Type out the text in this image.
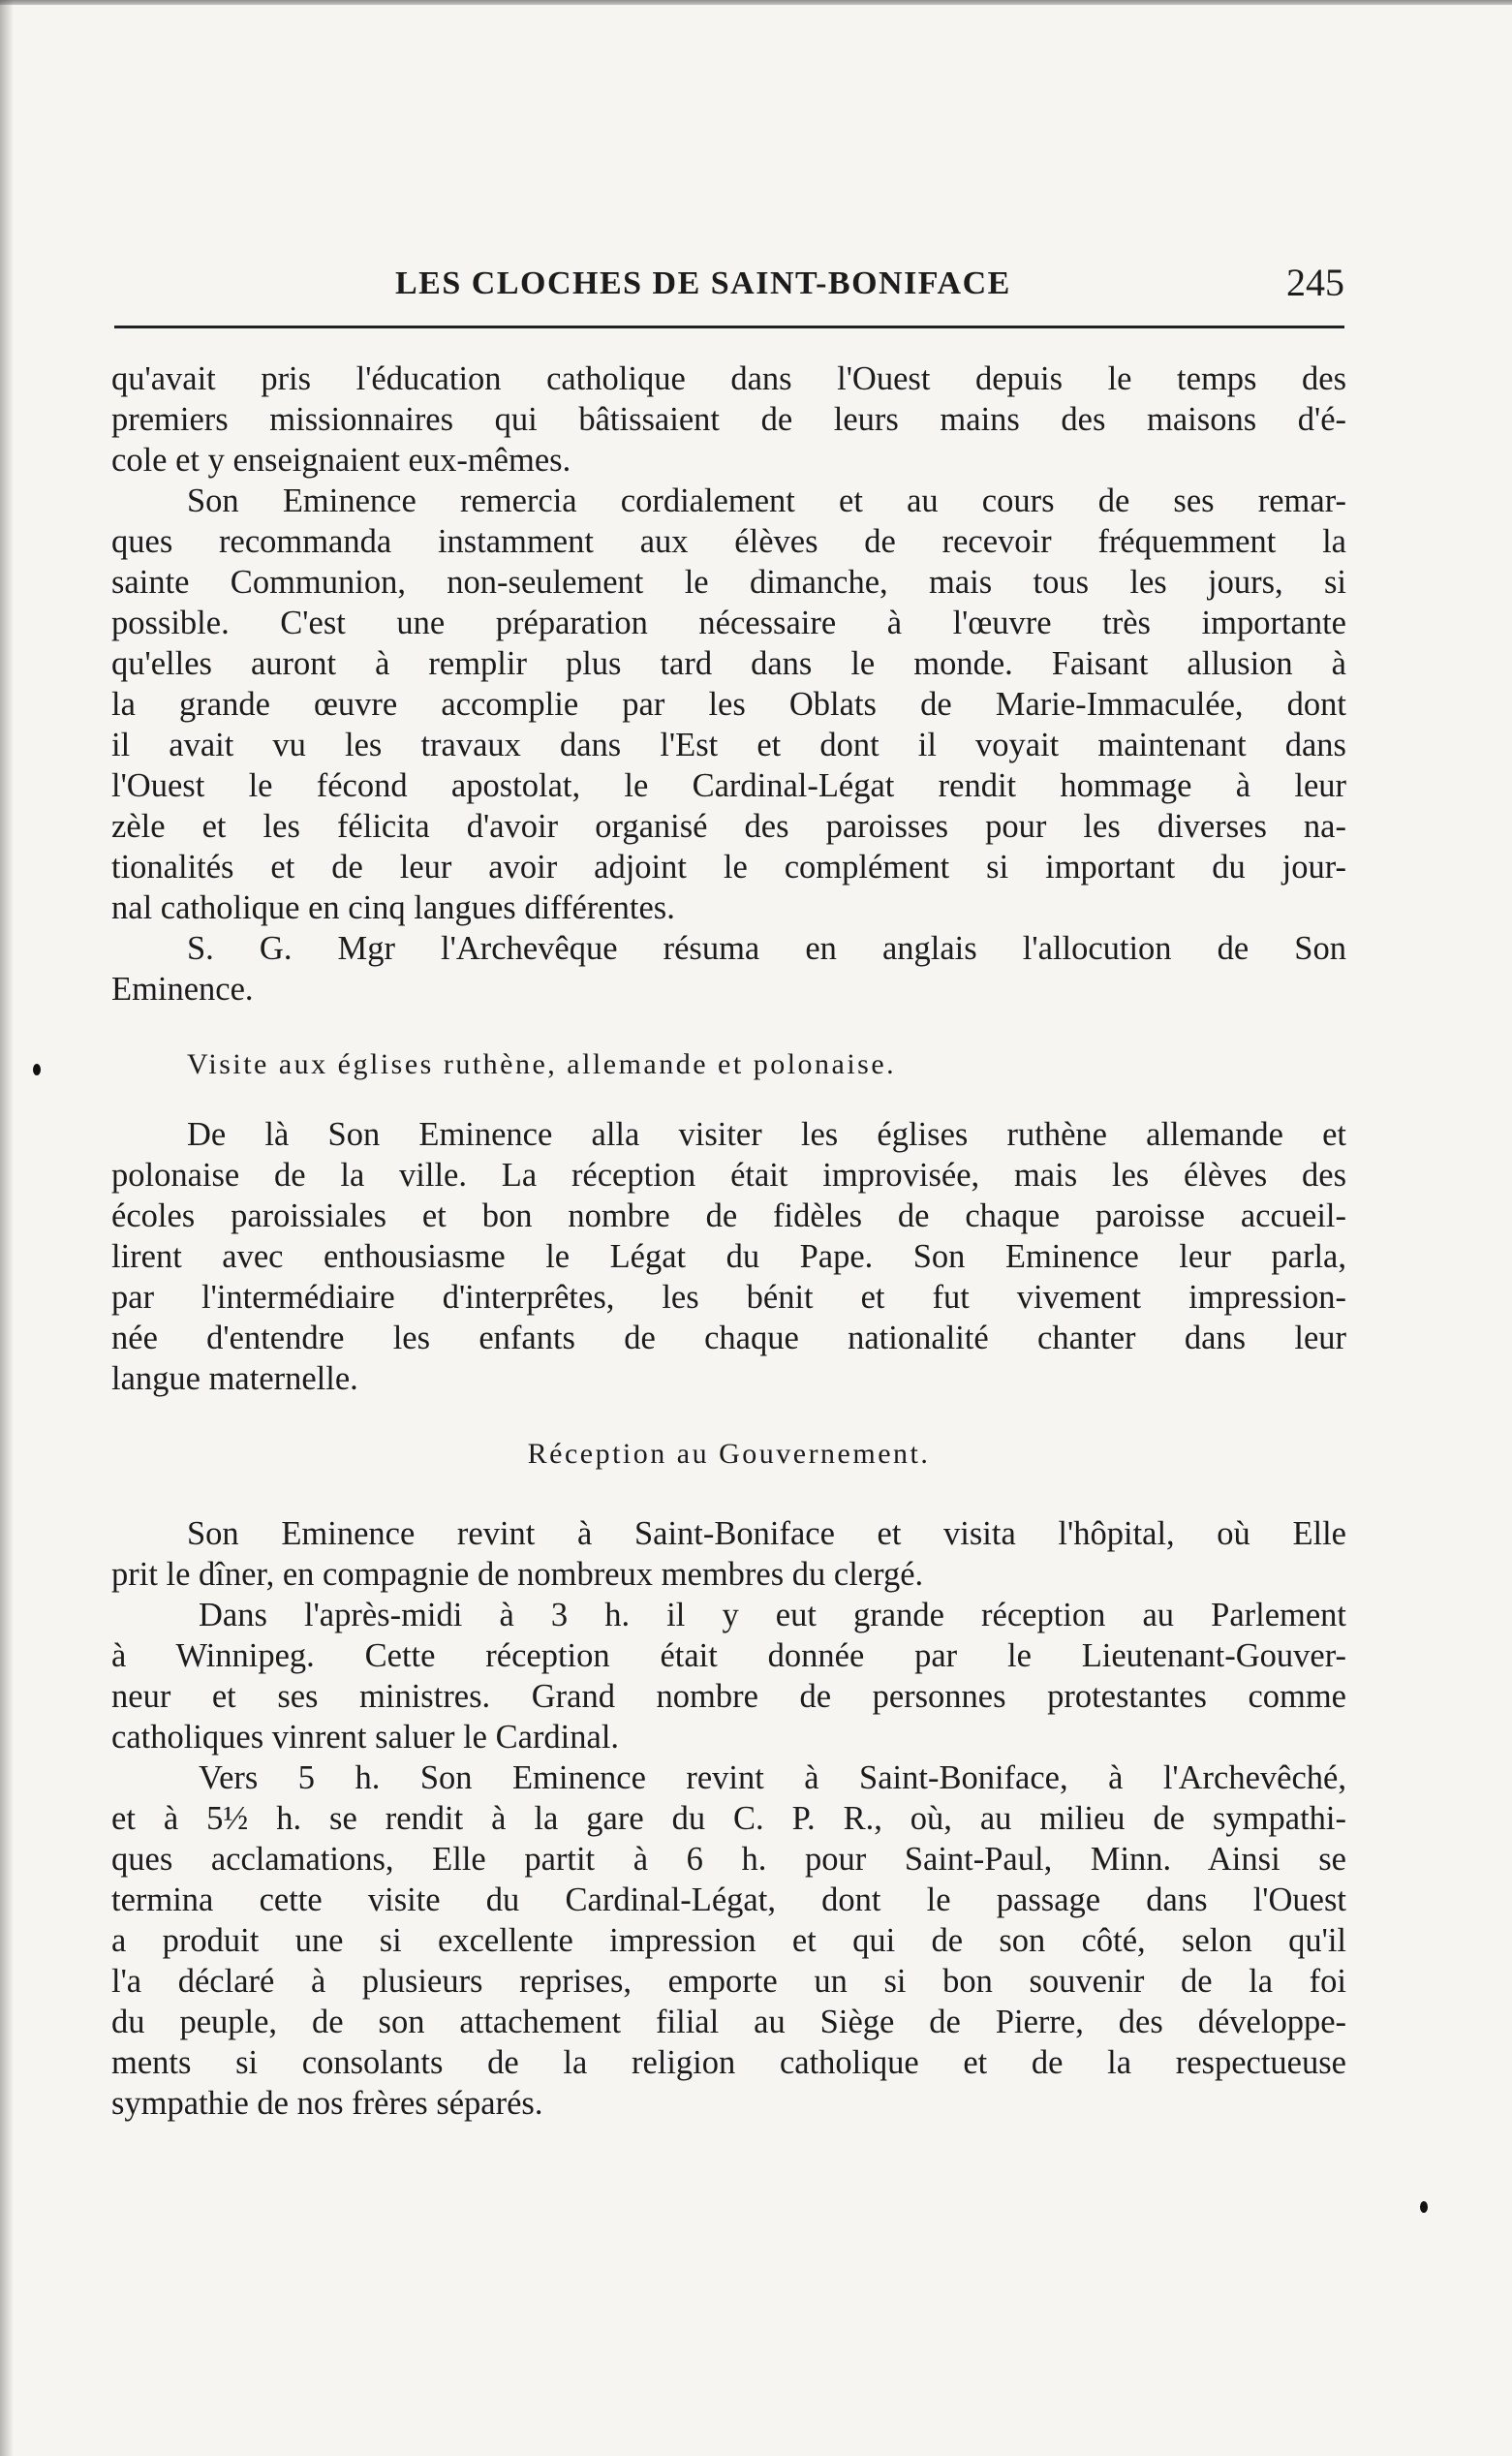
LES CLOCHES DE SAINT-BONIFACE	245
qu'avait pris l'éducation catholique dans l'Ouest depuis le temps des
premiers missionnaires qui bâtissaient de leurs mains des maisons d'é-
cole et y enseignaient eux-mêmes.
Son Eminence remercia cordialement et au cours de ses remar-
ques recommanda instamment aux élèves de recevoir fréquemment la
sainte Communion, non-seulement le dimanche, mais tous les jours, si
possible. C'est une préparation nécessaire à l'œuvre très importante
qu'elles auront à remplir plus tard dans le monde. Faisant allusion à
la grande œuvre accomplie par les Oblats de Marie-Immaculée, dont
il avait vu les travaux dans l'Est et dont il voyait maintenant dans
l'Ouest le fécond apostolat, le Cardinal-Légat rendit hommage à leur
zèle et les félicita d'avoir organisé des paroisses pour les diverses na-
tionalités et de leur avoir adjoint le complément si important du jour-
nal catholique en cinq langues différentes.
S. G. Mgr l'Archevêque résuma en anglais l'allocution de Son
Eminence.
Visite aux églises ruthène, allemande et polonaise.
De là Son Eminence alla visiter les églises ruthène allemande et
polonaise de la ville. La réception était improvisée, mais les élèves des
écoles paroissiales et bon nombre de fidèles de chaque paroisse accueil-
lirent avec enthousiasme le Légat du Pape. Son Eminence leur parla,
par l'intermédiaire d'interprêtes, les bénit et fut vivement impression-
née d'entendre les enfants de chaque nationalité chanter dans leur
langue maternelle.
Réception au Gouvernement.
Son Eminence revint à Saint-Boniface et visita l'hôpital, où Elle
prit le dîner, en compagnie de nombreux membres du clergé.
Dans l'après-midi à 3 h. il y eut grande réception au Parlement
à Winnipeg. Cette réception était donnée par le Lieutenant-Gouver-
neur et ses ministres. Grand nombre de personnes protestantes comme
catholiques vinrent saluer le Cardinal.
Vers 5 h. Son Eminence revint à Saint-Boniface, à l'Archevêché,
et à 5½ h. se rendit à la gare du C. P. R., où, au milieu de sympathi-
ques acclamations, Elle partit à 6 h. pour Saint-Paul, Minn. Ainsi se
termina cette visite du Cardinal-Légat, dont le passage dans l'Ouest
a produit une si excellente impression et qui de son côté, selon qu'il
l'a déclaré à plusieurs reprises, emporte un si bon souvenir de la foi
du peuple, de son attachement filial au Siège de Pierre, des développe-
ments si consolants de la religion catholique et de la respectueuse
sympathie de nos frères séparés.
